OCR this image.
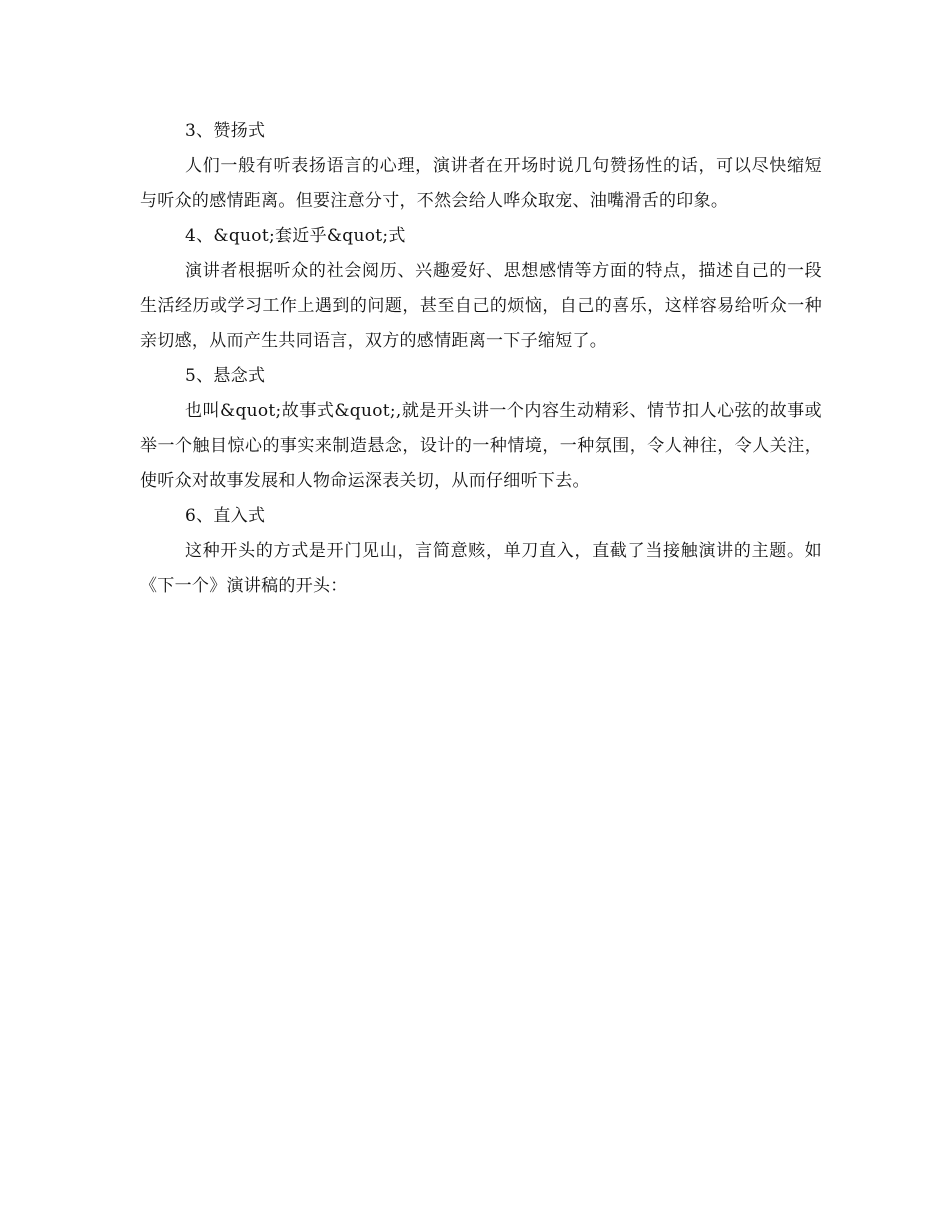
3、赞扬式

人们一般有听表扬语言的心理，演讲者在开场时说几句赞扬性的话，可以尽快缩短与听众的感情距离。但要注意分寸，不然会给人哗众取宠、油嘴滑舌的印象。

4、&quot;套近乎&quot;式

演讲者根据听众的社会阅历、兴趣爱好、思想感情等方面的特点，描述自己的一段生活经历或学习工作上遇到的问题，甚至自己的烦恼，自己的喜乐，这样容易给听众一种亲切感，从而产生共同语言，双方的感情距离一下子缩短了。

5、悬念式

也叫&quot;故事式&quot;,就是开头讲一个内容生动精彩、情节扣人心弦的故事或举一个触目惊心的事实来制造悬念，设计的一种情境，一种氛围，令人神往，令人关注，使听众对故事发展和人物命运深表关切，从而仔细听下去。

6、直入式

这种开头的方式是开门见山，言简意赅，单刀直入，直截了当接触演讲的主题。如《下一个》演讲稿的开头：
